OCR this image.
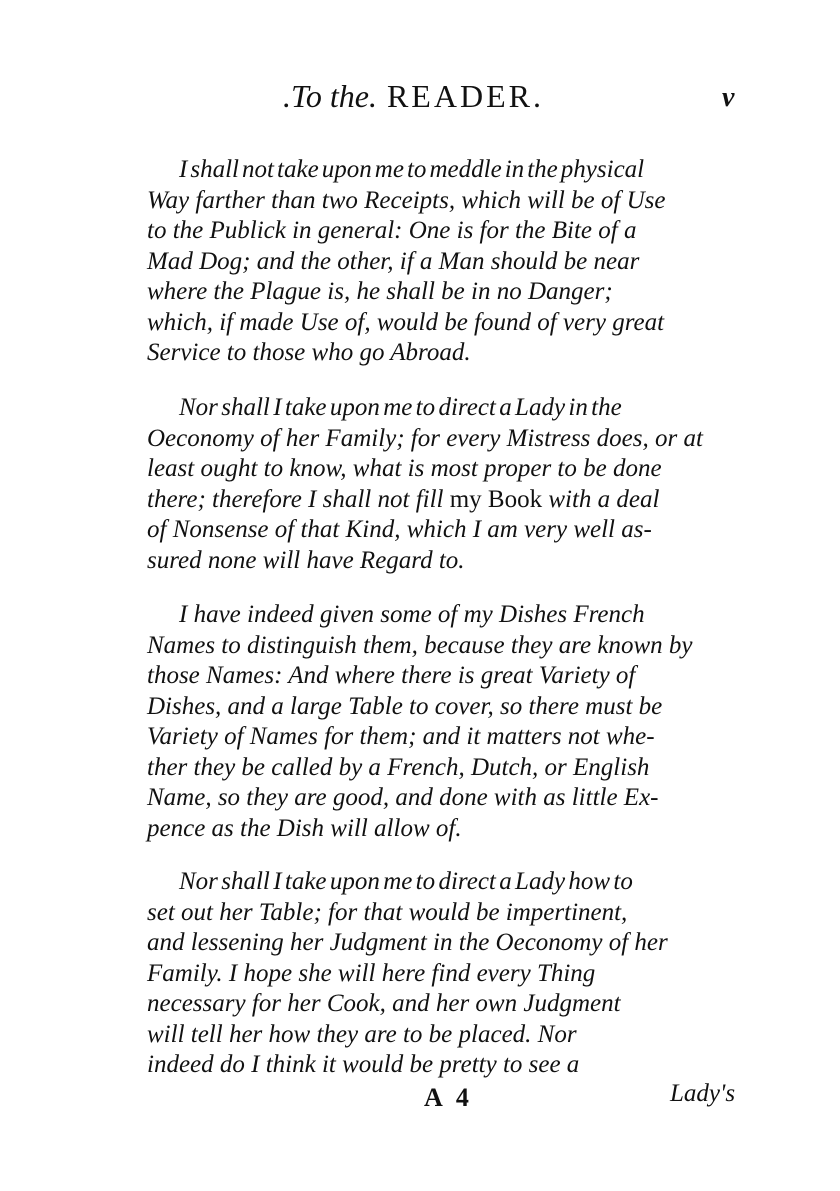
.To the. READER.	v
I shall not take upon me to meddle in the physical
Way farther than two Receipts, which will be of Use
to the Publick in general: One is for the Bite of a
Mad Dog; and the other, if a Man should be near
where the Plague is, he shall be in no Danger;
which, if made Use of, would be found of very great
Service to those who go Abroad.
Nor shall I take upon me to direct a Lady in the
Oeconomy of her Family; for every Mistress does, or at
least ought to know, what is most proper to be done
there; therefore I shall not fill my Book with a deal
of Nonsense of that Kind, which I am very well as-
sured none will have Regard to.
I have indeed given some of my Dishes French
Names to distinguish them, because they are known by
those Names: And where there is great Variety of
Dishes, and a large Table to cover, so there must be
Variety of Names for them; and it matters not whe-
ther they be called by a French, Dutch, or English
Name, so they are good, and done with as little Ex-
pence as the Dish will allow of.
Nor shall I take upon me to direct a Lady how to
set out her Table; for that would be impertinent,
and lessening her Judgment in the Oeconomy of her
Family. I hope she will here find every Thing
necessary for her Cook, and her own Judgment
will tell her how they are to be placed. Nor
indeed do I think it would be pretty to see a
A 4	Lady's
